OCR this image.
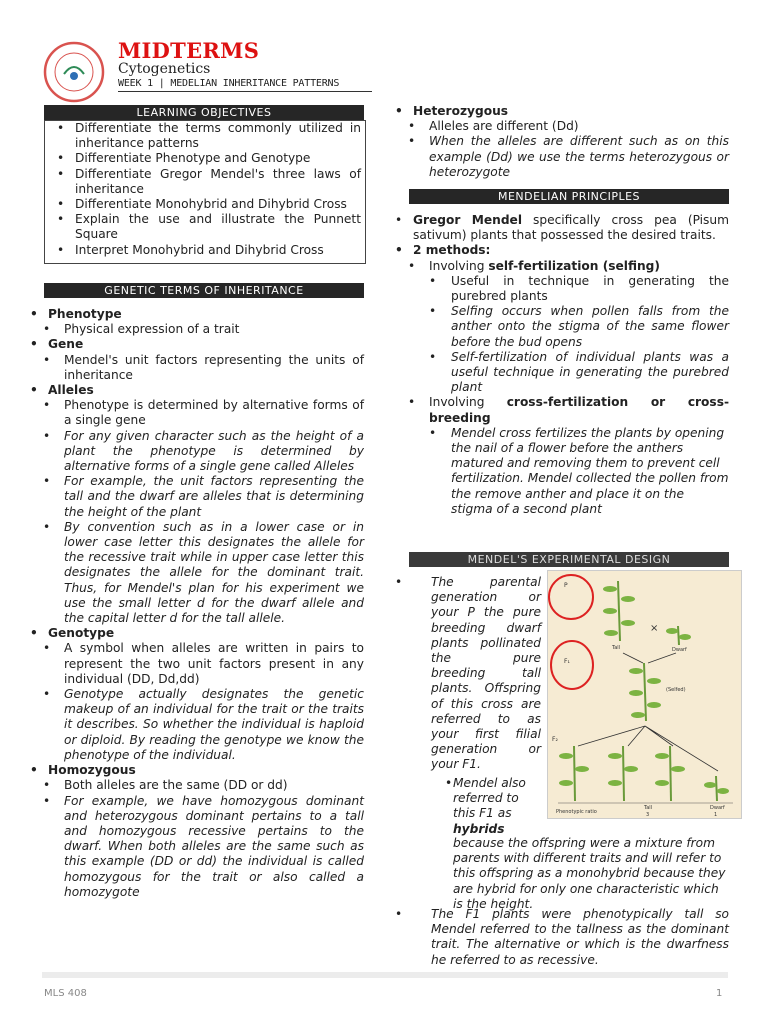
MIDTERMS
Cytogenetics
WEEK 1 | MEDELIAN INHERITANCE PATTERNS
LEARNING OBJECTIVES
• Differentiate the terms commonly utilized in inheritance patterns
• Differentiate Phenotype and Genotype
• Differentiate Gregor Mendel's three laws of inheritance
• Differentiate Monohybrid and Dihybrid Cross
• Explain the use and illustrate the Punnett Square
• Interpret Monohybrid and Dihybrid Cross
GENETIC TERMS OF INHERITANCE
• Phenotype
• Physical expression of a trait
• Gene
• Mendel's unit factors representing the units of inheritance
• Alleles
• Phenotype is determined by alternative forms of a single gene
• For any given character such as the height of a plant the phenotype is determined by alternative forms of a single gene called Alleles
• For example, the unit factors representing the tall and the dwarf are alleles that is determining the height of the plant
• By convention such as in a lower case or in lower case letter this designates the allele for the recessive trait while in upper case letter this designates the allele for the dominant trait. Thus, for Mendel's plan for his experiment we use the small letter d for the dwarf allele and the capital letter d for the tall allele.
• Genotype
• A symbol when alleles are written in pairs to represent the two unit factors present in any individual (DD, Dd,dd)
• Genotype actually designates the genetic makeup of an individual for the trait or the traits it describes. So whether the individual is haploid or diploid. By reading the genotype we know the phenotype of the individual.
• Homozygous
• Both alleles are the same (DD or dd)
• For example, we have homozygous dominant and heterozygous dominant pertains to a tall and homozygous recessive pertains to the dwarf. When both alleles are the same such as this example (DD or dd) the individual is called homozygous for the trait or also called a homozygote
• Heterozygous
• Alleles are different (Dd)
• When the alleles are different such as on this example (Dd) we use the terms heterozygous or heterozygote
MENDELIAN PRINCIPLES
• Gregor Mendel specifically cross pea (Pisum sativum) plants that possessed the desired traits.
• 2 methods:
• Involving self-fertilization (selfing)
• Useful in technique in generating the purebred plants
• Selfing occurs when pollen falls from the anther onto the stigma of the same flower before the bud opens
• Self-fertilization of individual plants was a useful technique in generating the purebred plant
• Involving cross-fertilization or cross-breeding
• Mendel cross fertilizes the plants by opening the nail of a flower before the anthers matured and removing them to prevent cell fertilization. Mendel collected the pollen from the remove anther and place it on the stigma of a second plant
MENDEL'S EXPERIMENTAL DESIGN
P
F₁
F₂
×
Tall	Dwarf
(Selfed)
Phenotypic ratio
Tall
3
Dwarf
1
• The parental generation or your P the pure breeding dwarf plants pollinated the pure breeding tall plants. Offspring of this cross are referred to as your first filial generation or your F1.
• Mendel also referred to this F1 as hybrids
because the offspring were a mixture from parents with different traits and will refer to this offspring as a monohybrid because they are hybrid for only one characteristic which is the height.
• The F1 plants were phenotypically tall so Mendel referred to the tallness as the dominant trait. The alternative or which is the dwarfness he referred to as recessive.
MLS 408	1
